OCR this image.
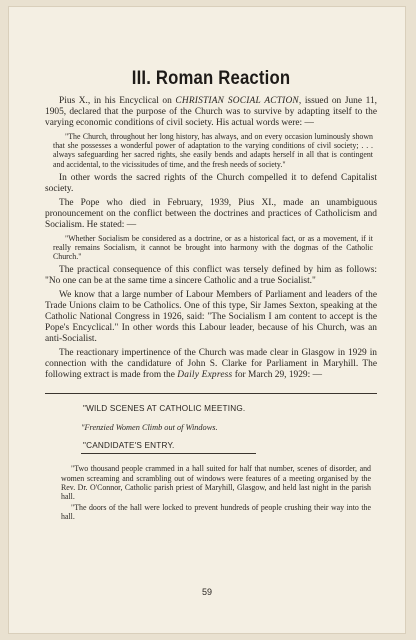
III. Roman Reaction

Pius X., in his Encyclical on CHRISTIAN SOCIAL ACTION, issued on June 11, 1905, declared that the purpose of the Church was to survive by adapting itself to the varying economic conditions of civil society. His actual words were: —

"The Church, throughout her long history, has always, and on every occasion luminously shown that she possesses a wonderful power of adaptation to the varying conditions of civil society; . . . always safeguarding her sacred rights, she easily bends and adapts herself in all that is contingent and accidental, to the vicissitudes of time, and the fresh needs of society."

In other words the sacred rights of the Church compelled it to defend Capitalist society.

The Pope who died in February, 1939, Pius XI., made an unambiguous pronouncement on the conflict between the doctrines and practices of Catholicism and Socialism. He stated: —

"Whether Socialism be considered as a doctrine, or as a historical fact, or as a movement, if it really remains Socialism, it cannot be brought into harmony with the dogmas of the Catholic Church."

The practical consequence of this conflict was tersely defined by him as follows: "No one can be at the same time a sincere Catholic and a true Socialist."

We know that a large number of Labour Members of Parliament and leaders of the Trade Unions claim to be Catholics. One of this type, Sir James Sexton, speaking at the Catholic National Congress in 1926, said: "The Socialism I am content to accept is the Pope's Encyclical." In other words this Labour leader, because of his Church, was an anti-Socialist.

The reactionary impertinence of the Church was made clear in Glasgow in 1929 in connection with the candidature of John S. Clarke for Parliament in Maryhill. The following extract is made from the Daily Express for March 29, 1929: —

"WILD SCENES AT CATHOLIC MEETING.
"Frenzied Women Climb out of Windows.
"CANDIDATE'S ENTRY.
"Two thousand people crammed in a hall suited for half that number, scenes of disorder, and women screaming and scrambling out of windows were features of a meeting organised by the Rev. Dr. O'Connor, Catholic parish priest of Maryhill, Glasgow, and held last night in the parish hall.
"The doors of the hall were locked to prevent hundreds of people crushing their way into the hall.
59
